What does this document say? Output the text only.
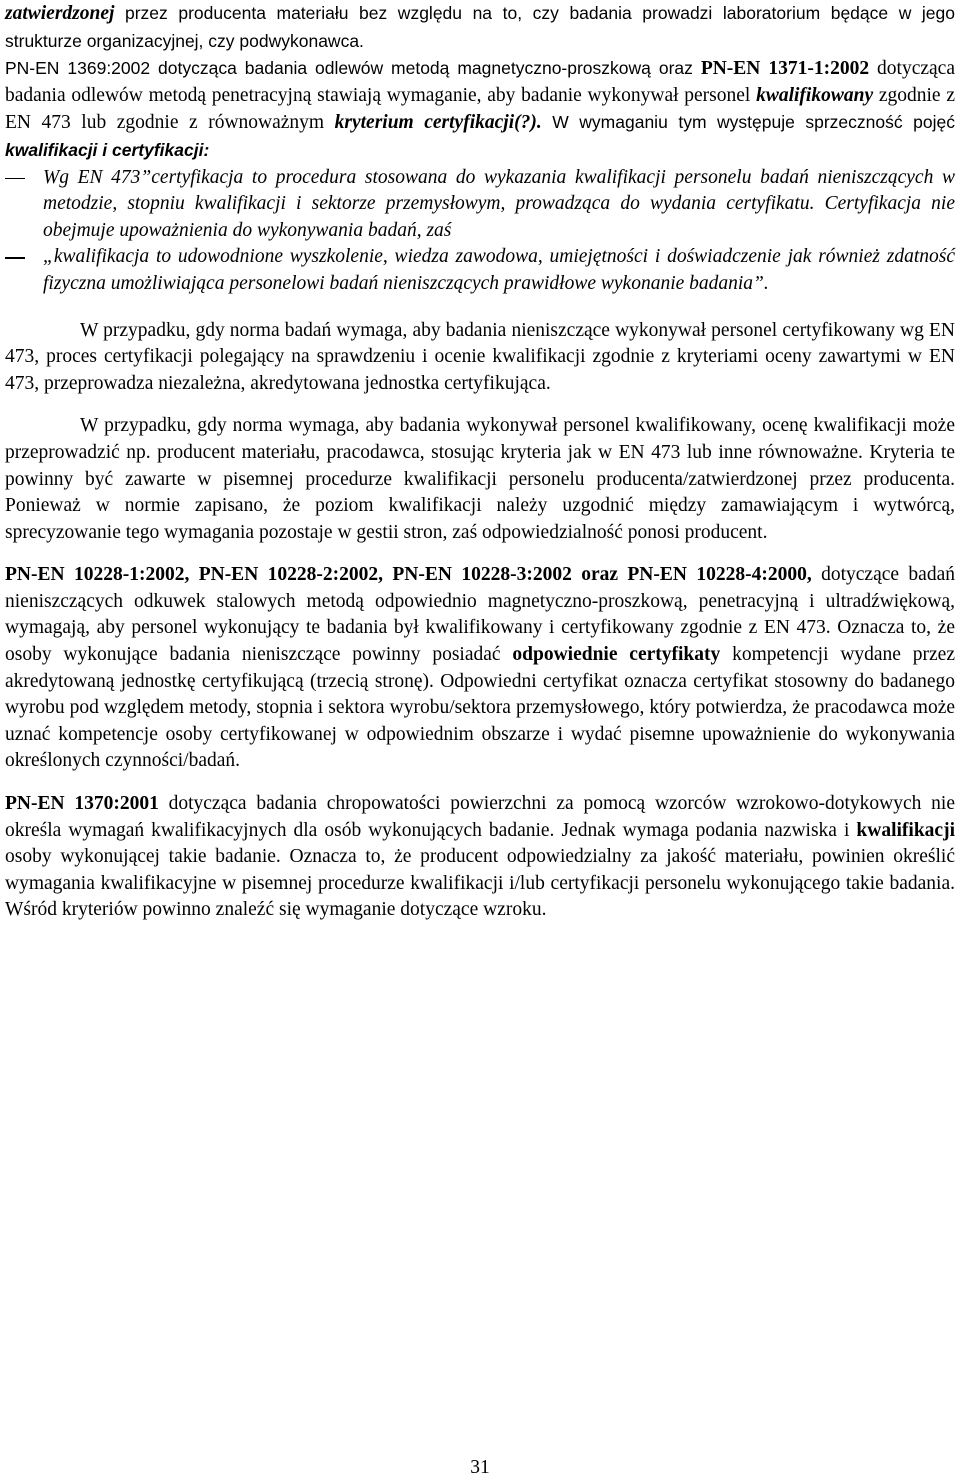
zatwierdzonej przez producenta materiału bez względu na to, czy badania prowadzi laboratorium będące w jego strukturze organizacyjnej, czy podwykonawca.
PN-EN 1369:2002 dotycząca badania odlewów metodą magnetyczno-proszkową oraz PN-EN 1371-1:2002 dotycząca badania odlewów metodą penetracyjną stawiają wymaganie, aby badanie wykonywał personel kwalifikowany zgodnie z EN 473 lub zgodnie z równoważnym kryterium certyfikacji(?). W wymaganiu tym występuje sprzeczność pojęć kwalifikacji i certyfikacji:

Wg EN 473”certyfikacja to procedura stosowana do wykazania kwalifikacji personelu badań nieniszczących w metodzie, stopniu kwalifikacji i sektorze przemysłowym, prowadząca do wydania certyfikatu. Certyfikacja nie obejmuje upoważnienia do wykonywania badań, zaś
„kwalifikacja to udowodnione wyszkolenie, wiedza zawodowa, umiejętności i doświadczenie jak również zdatność fizyczna umożliwiająca personelowi badań nieniszczących prawidłowe wykonanie badania”.

W przypadku, gdy norma badań wymaga, aby badania nieniszczące wykonywał personel certyfikowany wg EN 473, proces certyfikacji polegający na sprawdzeniu i ocenie kwalifikacji zgodnie z kryteriami oceny zawartymi w EN 473, przeprowadza niezależna, akredytowana jednostka certyfikująca.

W przypadku, gdy norma wymaga, aby badania wykonywał personel kwalifikowany, ocenę kwalifikacji może przeprowadzić np. producent materiału, pracodawca, stosując kryteria jak w EN 473 lub inne równoważne. Kryteria te powinny być zawarte w pisemnej procedurze kwalifikacji personelu producenta/zatwierdzonej przez producenta. Ponieważ w normie zapisano, że poziom kwalifikacji należy uzgodnić między zamawiającym i wytwórcą, sprecyzowanie tego wymagania pozostaje w gestii stron, zaś odpowiedzialność ponosi producent.

PN-EN 10228-1:2002, PN-EN 10228-2:2002, PN-EN 10228-3:2002 oraz PN-EN 10228-4:2000, dotyczące badań nieniszczących odkuwek stalowych metodą odpowiednio magnetyczno-proszkową, penetracyjną i ultradźwiękową, wymagają, aby personel wykonujący te badania był kwalifikowany i certyfikowany zgodnie z EN 473. Oznacza to, że osoby wykonujące badania nieniszczące powinny posiadać odpowiednie certyfikaty kompetencji wydane przez akredytowaną jednostkę certyfikującą (trzecią stronę). Odpowiedni certyfikat oznacza certyfikat stosowny do badanego wyrobu pod względem metody, stopnia i sektora wyrobu/sektora przemysłowego, który potwierdza, że pracodawca może uznać kompetencje osoby certyfikowanej w odpowiednim obszarze i wydać pisemne upoważnienie do wykonywania określonych czynności/badań.

PN-EN 1370:2001 dotycząca badania chropowatości powierzchni za pomocą wzorców wzrokowo-dotykowych nie określa wymagań kwalifikacyjnych dla osób wykonujących badanie. Jednak wymaga podania nazwiska i kwalifikacji osoby wykonującej takie badanie. Oznacza to, że producent odpowiedzialny za jakość materiału, powinien określić wymagania kwalifikacyjne w pisemnej procedurze kwalifikacji i/lub certyfikacji personelu wykonującego takie badania. Wśród kryteriów powinno znaleźć się wymaganie dotyczące wzroku.

31
